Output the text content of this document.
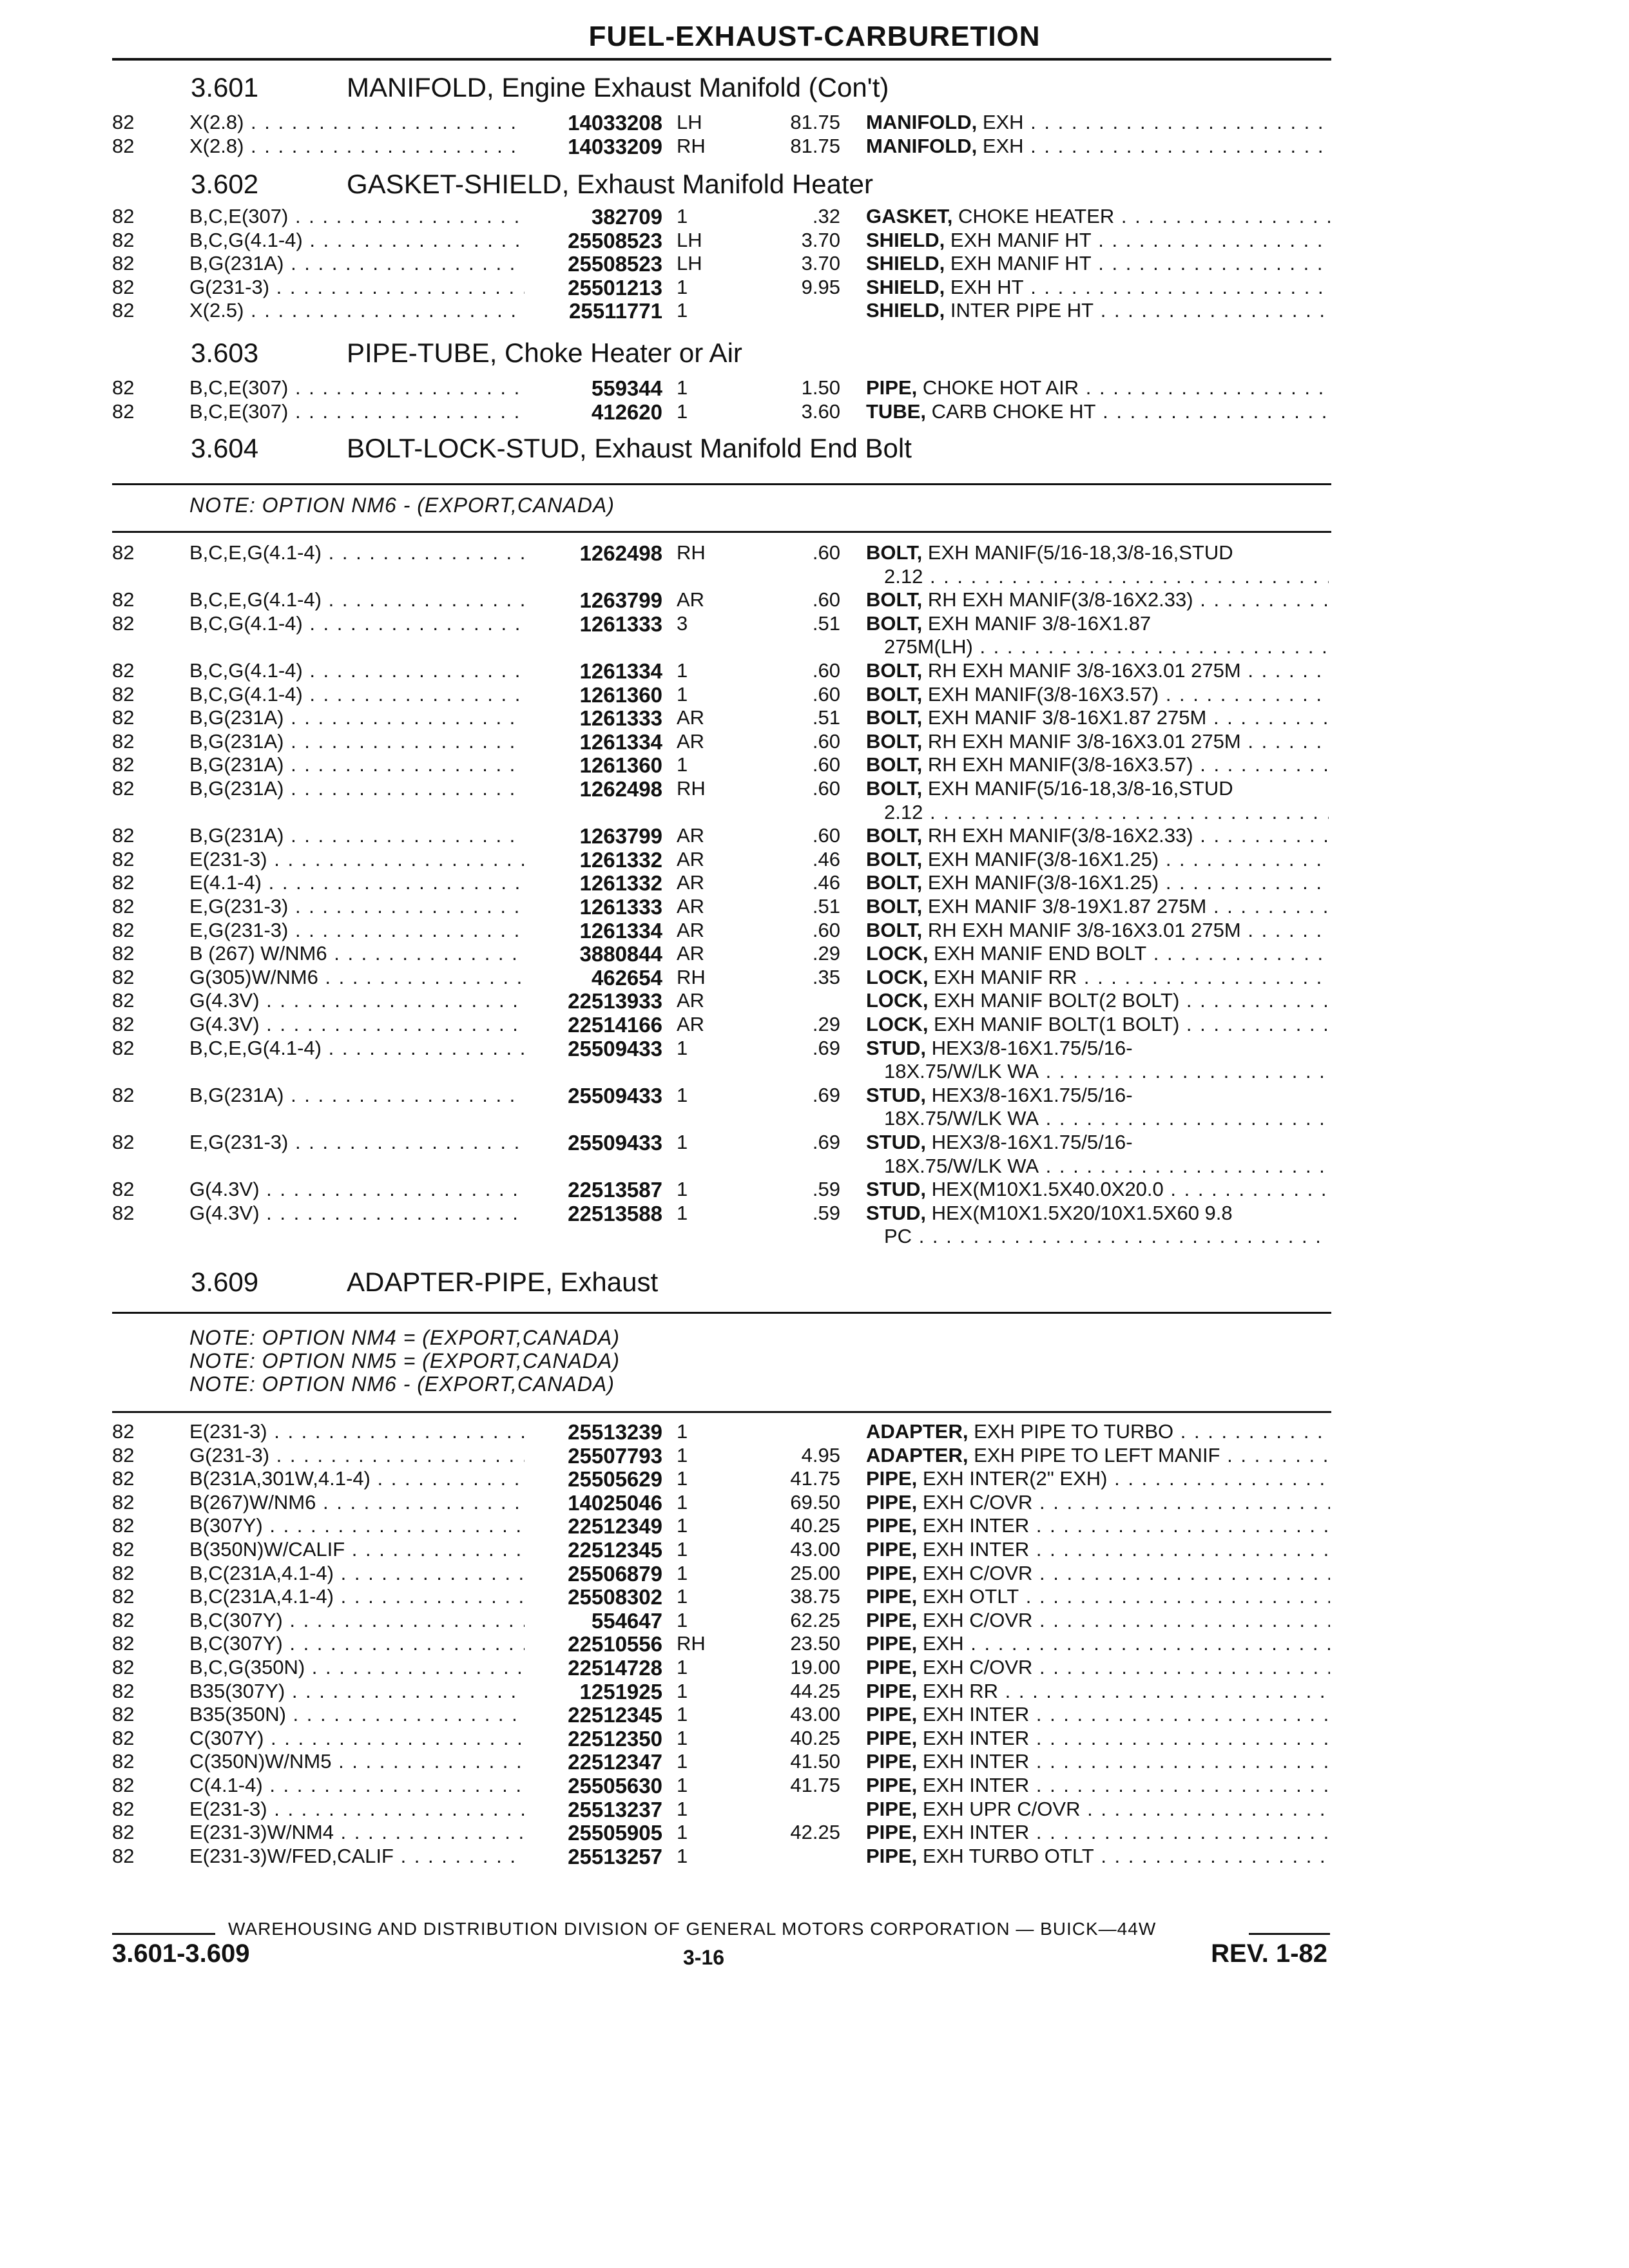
FUEL-EXHAUST-CARBURETION
3.601	MANIFOLD, Engine Exhaust Manifold (Con't)
82	X(2.8) . . .	14033208 LH	81.75 MANIFOLD, EXH . . .
82	X(2.8) . . .	14033209 RH	81.75 MANIFOLD, EXH . . .
3.602	GASKET-SHIELD, Exhaust Manifold Heater
82	B,C,E(307) . . .	382709 1	.32 GASKET, CHOKE HEATER . . .
82	B,C,G(4.1-4) . . .	25508523 LH	3.70 SHIELD, EXH MANIF HT . . .
82	B,G(231A) . . .	25508523 LH	3.70 SHIELD, EXH MANIF HT . . .
82	G(231-3) . . .	25501213 1	9.95 SHIELD, EXH HT . . .
82	X(2.5) . . .	25511771 1	SHIELD, INTER PIPE HT . . .
3.603	PIPE-TUBE, Choke Heater or Air
82	B,C,E(307) . . .	559344 1	1.50 PIPE, CHOKE HOT AIR . . .
82	B,C,E(307) . . .	412620 1	3.60 TUBE, CARB CHOKE HT . . .
3.604	BOLT-LOCK-STUD, Exhaust Manifold End Bolt
NOTE: OPTION NM6 - (EXPORT,CANADA)
82	B,C,E,G(4.1-4) . . .	1262498 RH	.60 BOLT, EXH MANIF(5/16-18,3/8-16,STUD
2.12 . . .
82	B,C,E,G(4.1-4) . . .	1263799 AR	.60 BOLT, RH EXH MANIF(3/8-16X2.33) . . .
82	B,C,G(4.1-4) . . .	1261333 3	.51 BOLT, EXH MANIF 3/8-16X1.87
275M(LH) . . .
82	B,C,G(4.1-4) . . .	1261334 1	.60 BOLT, RH EXH MANIF 3/8-16X3.01 275M . . .
82	B,C,G(4.1-4) . . .	1261360 1	.60 BOLT, EXH MANIF(3/8-16X3.57) . . .
82	B,G(231A) . . .	1261333 AR	.51 BOLT, EXH MANIF 3/8-16X1.87 275M . . .
82	B,G(231A) . . .	1261334 AR	.60 BOLT, RH EXH MANIF 3/8-16X3.01 275M . . .
82	B,G(231A) . . .	1261360 1	.60 BOLT, RH EXH MANIF(3/8-16X3.57) . . .
82	B,G(231A) . . .	1262498 RH	.60 BOLT, EXH MANIF(5/16-18,3/8-16,STUD
2.12 . . .
82	B,G(231A) . . .	1263799 AR	.60 BOLT, RH EXH MANIF(3/8-16X2.33) . . .
82	E(231-3) . . .	1261332 AR	.46 BOLT, EXH MANIF(3/8-16X1.25) . . .
82	E(4.1-4) . . .	1261332 AR	.46 BOLT, EXH MANIF(3/8-16X1.25) . . .
82	E,G(231-3) . . .	1261333 AR	.51 BOLT, EXH MANIF 3/8-19X1.87 275M . . .
82	E,G(231-3) . . .	1261334 AR	.60 BOLT, RH EXH MANIF 3/8-16X3.01 275M . . .
82	B (267) W/NM6 . . .	3880844 AR	.29 LOCK, EXH MANIF END BOLT . . .
82	G(305)W/NM6 . . .	462654 RH	.35 LOCK, EXH MANIF RR . . .
82	G(4.3V) . . .	22513933 AR	LOCK, EXH MANIF BOLT(2 BOLT) . . .
82	G(4.3V) . . .	22514166 AR	.29 LOCK, EXH MANIF BOLT(1 BOLT) . . .
82	B,C,E,G(4.1-4) . . .	25509433 1	.69 STUD, HEX3/8-16X1.75/5/16-
18X.75/W/LK WA . . .
82	B,G(231A) . . .	25509433 1	.69 STUD, HEX3/8-16X1.75/5/16-
18X.75/W/LK WA . . .
82	E,G(231-3) . . .	25509433 1	.69 STUD, HEX3/8-16X1.75/5/16-
18X.75/W/LK WA . . .
82	G(4.3V) . . .	22513587 1	.59 STUD, HEX(M10X1.5X40.0X20.0 . . .
82	G(4.3V) . . .	22513588 1	.59 STUD, HEX(M10X1.5X20/10X1.5X60 9.8
PC . . .
3.609	ADAPTER-PIPE, Exhaust
NOTE: OPTION NM4 = (EXPORT,CANADA)
NOTE: OPTION NM5 = (EXPORT,CANADA)
NOTE: OPTION NM6 - (EXPORT,CANADA)
82	E(231-3) . . .	25513239 1	ADAPTER, EXH PIPE TO TURBO . . .
82	G(231-3) . . .	25507793 1	4.95 ADAPTER, EXH PIPE TO LEFT MANIF . . .
82	B(231A,301W,4.1-4) . . .	25505629 1	41.75 PIPE, EXH INTER(2" EXH) . . .
82	B(267)W/NM6 . . .	14025046 1	69.50 PIPE, EXH C/OVR . . .
82	B(307Y) . . .	22512349 1	40.25 PIPE, EXH INTER . . .
82	B(350N)W/CALIF . . .	22512345 1	43.00 PIPE, EXH INTER . . .
82	B,C(231A,4.1-4) . . .	25506879 1	25.00 PIPE, EXH C/OVR . . .
82	B,C(231A,4.1-4) . . .	25508302 1	38.75 PIPE, EXH OTLT . . .
82	B,C(307Y) . . .	554647 1	62.25 PIPE, EXH C/OVR . . .
82	B,C(307Y) . . .	22510556 RH	23.50 PIPE, EXH . . .
82	B,C,G(350N) . . .	22514728 1	19.00 PIPE, EXH C/OVR . . .
82	B35(307Y) . . .	1251925 1	44.25 PIPE, EXH RR . . .
82	B35(350N) . . .	22512345 1	43.00 PIPE, EXH INTER . . .
82	C(307Y) . . .	22512350 1	40.25 PIPE, EXH INTER . . .
82	C(350N)W/NM5 . . .	22512347 1	41.50 PIPE, EXH INTER . . .
82	C(4.1-4) . . .	25505630 1	41.75 PIPE, EXH INTER . . .
82	E(231-3) . . .	25513237 1	PIPE, EXH UPR C/OVR . . .
82	E(231-3)W/NM4 . . .	25505905 1	42.25 PIPE, EXH INTER . . .
82	E(231-3)W/FED,CALIF . . .	25513257 1	PIPE, EXH TURBO OTLT . . .
WAREHOUSING AND DISTRIBUTION DIVISION OF GENERAL MOTORS CORPORATION — BUICK—44W
3.601-3.609	3-16	REV. 1-82
